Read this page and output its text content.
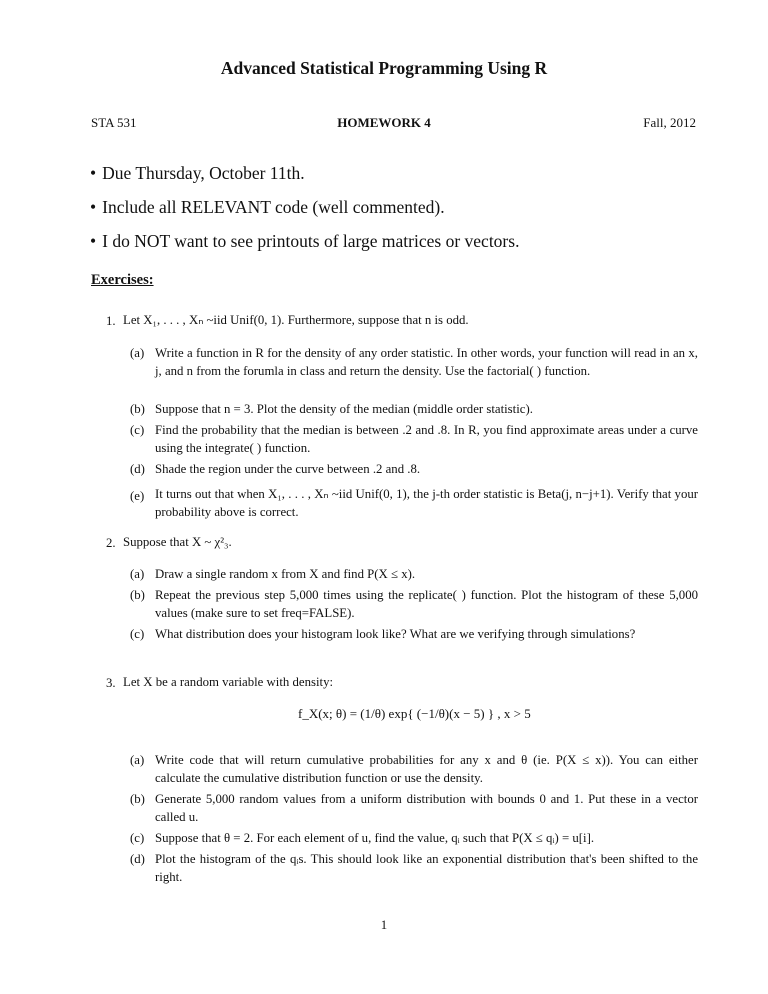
Advanced Statistical Programming Using R
STA 531	HOMEWORK 4	Fall, 2012
• Due Thursday, October 11th.
• Include all RELEVANT code (well commented).
• I do NOT want to see printouts of large matrices or vectors.
Exercises:
1. Let X₁, . . . , Xₙ ~iid Unif(0, 1). Furthermore, suppose that n is odd.
(a) Write a function in R for the density of any order statistic. In other words, your function will read in an x, j, and n from the forumla in class and return the density. Use the factorial( ) function.
(b) Suppose that n = 3. Plot the density of the median (middle order statistic).
(c) Find the probability that the median is between .2 and .8. In R, you find approximate areas under a curve using the integrate( ) function.
(d) Shade the region under the curve between .2 and .8.
(e) It turns out that when X₁, . . . , Xₙ ~iid Unif(0, 1), the j-th order statistic is Beta(j, n−j+1). Verify that your probability above is correct.
2. Suppose that X ~ χ²₃.
(a) Draw a single random x from X and find P(X ≤ x).
(b) Repeat the previous step 5,000 times using the replicate( ) function. Plot the histogram of these 5,000 values (make sure to set freq=FALSE).
(c) What distribution does your histogram look like? What are we verifying through simulations?
3. Let X be a random variable with density:
f_X(x; θ) = (1/θ) exp{ (−1/θ)(x − 5) } , x > 5
(a) Write code that will return cumulative probabilities for any x and θ (ie. P(X ≤ x)). You can either calculate the cumulative distribution function or use the density.
(b) Generate 5,000 random values from a uniform distribution with bounds 0 and 1. Put these in a vector called u.
(c) Suppose that θ = 2. For each element of u, find the value, qᵢ such that P(X ≤ qᵢ) = u[i].
(d) Plot the histogram of the qᵢs. This should look like an exponential distribution that's been shifted to the right.
1
